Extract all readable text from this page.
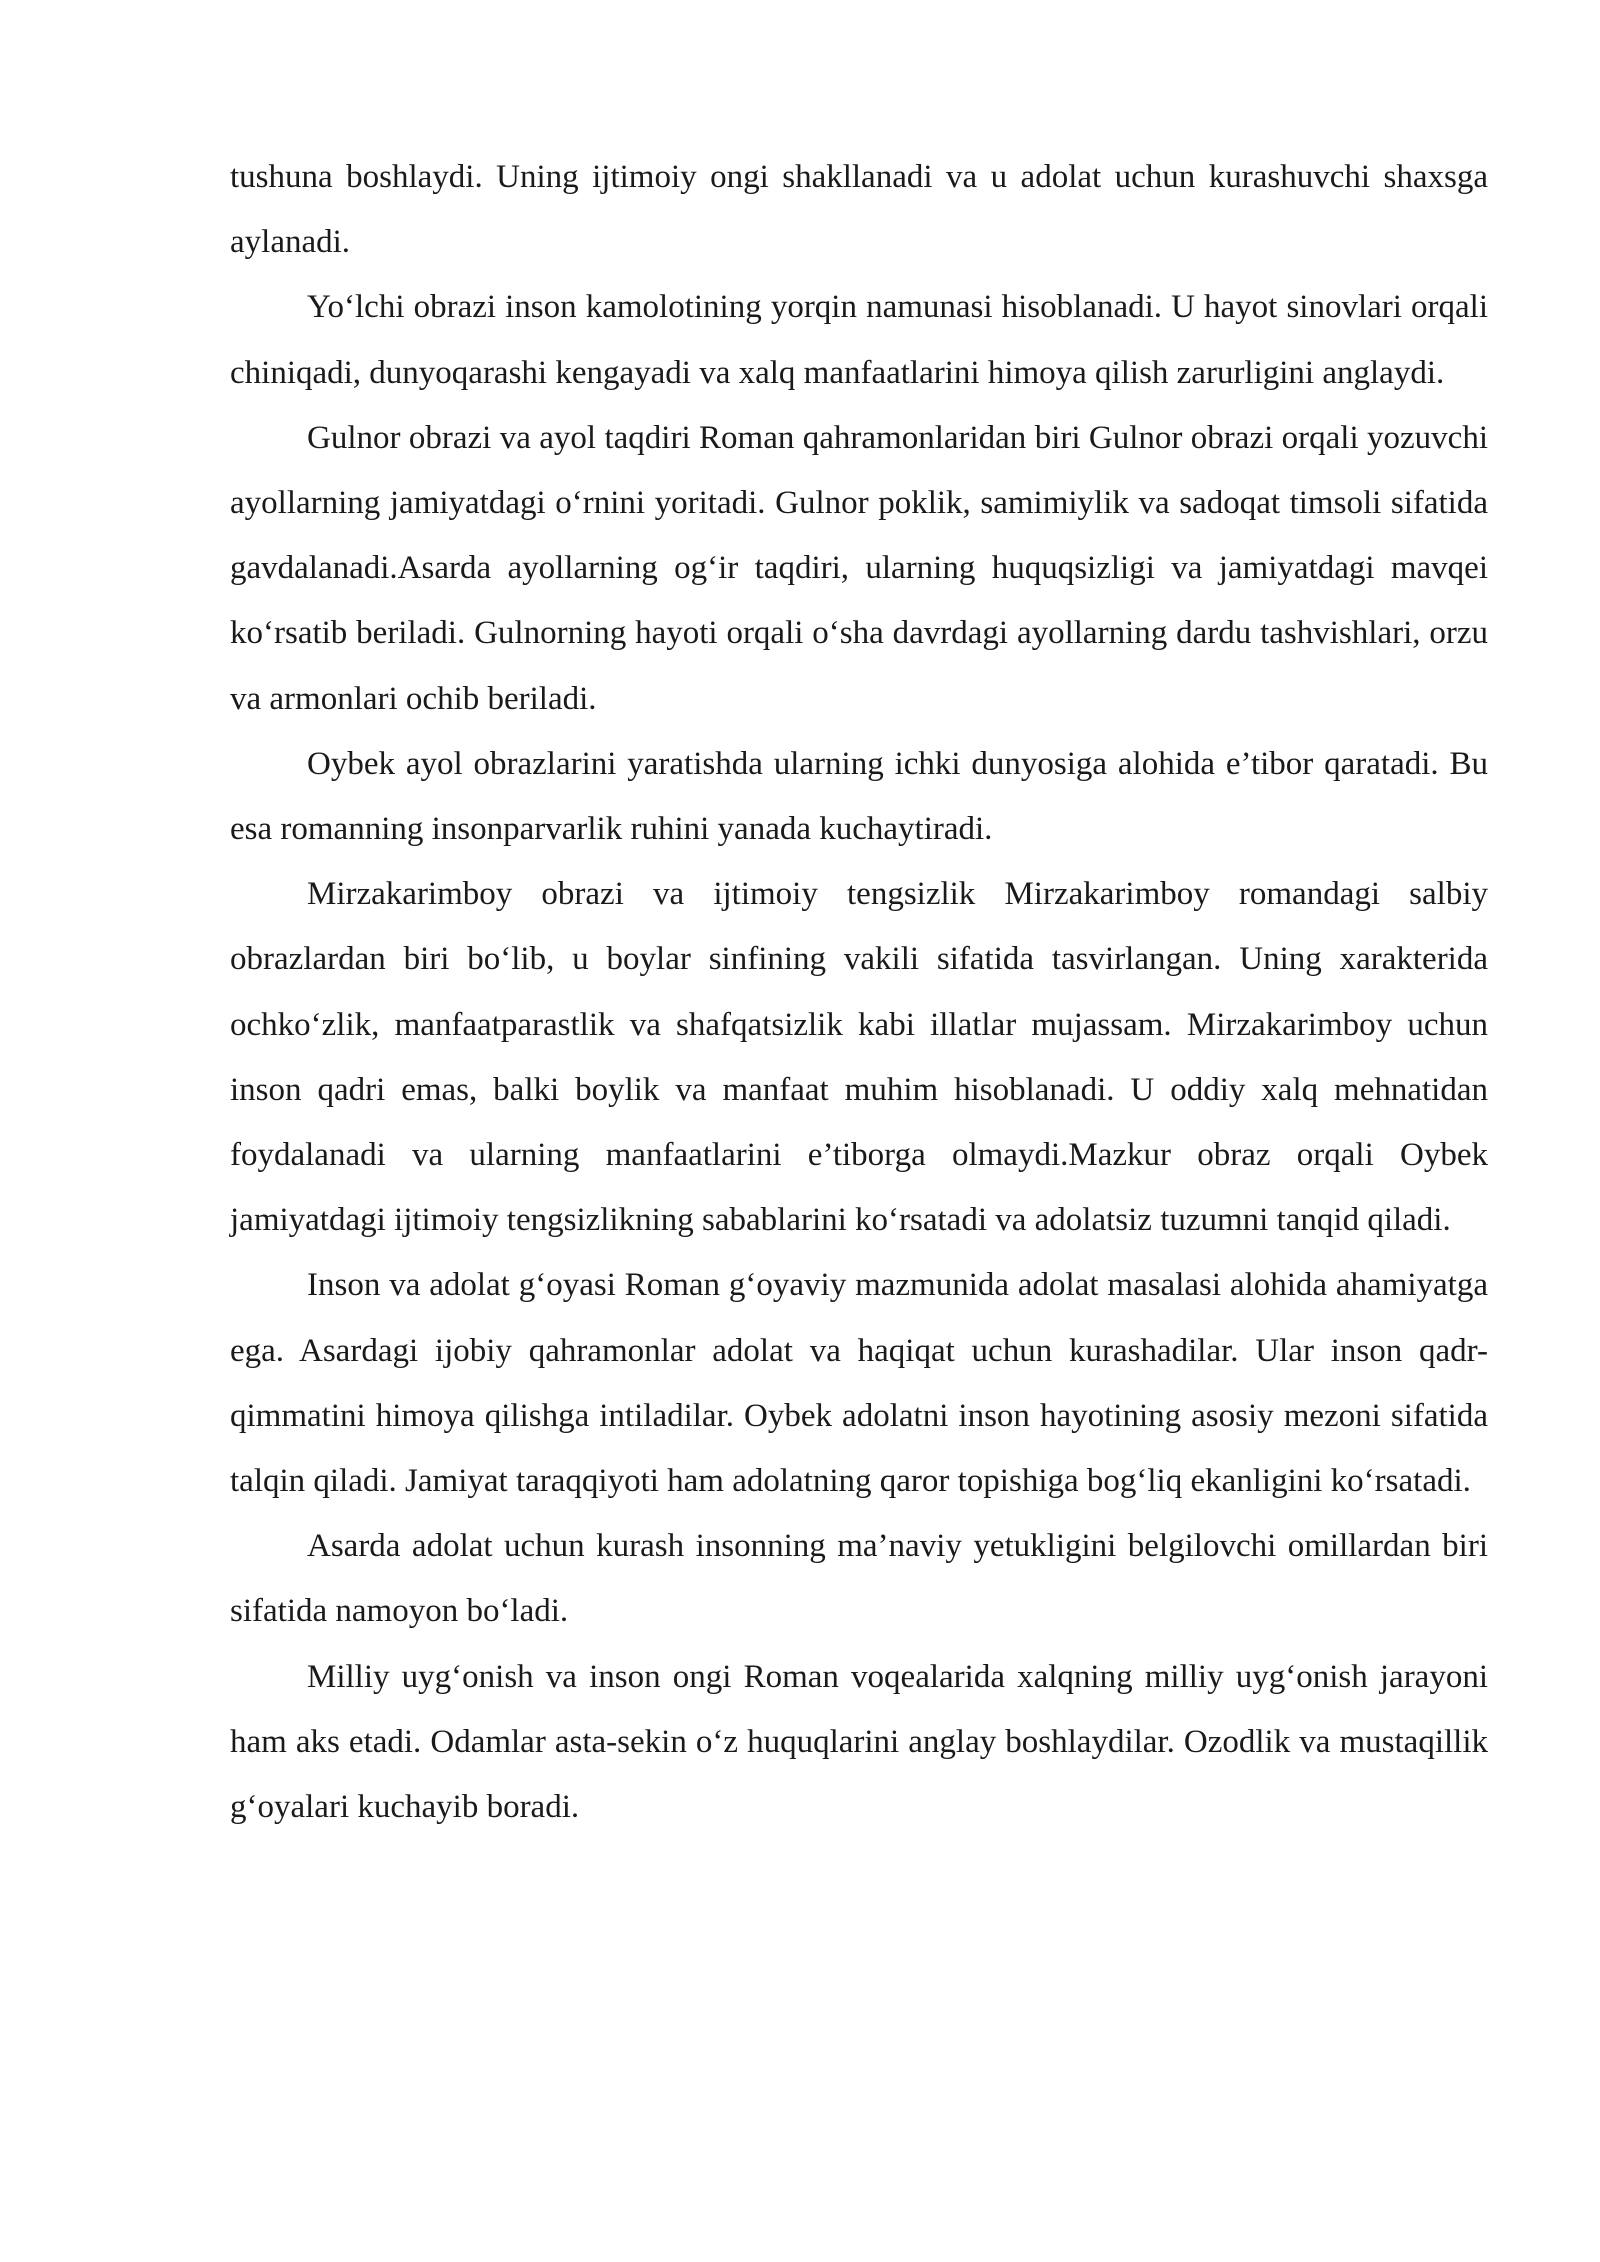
tushuna boshlaydi. Uning ijtimoiy ongi shakllanadi va u adolat uchun kurashuvchi shaxsga aylanadi.

Yoʻlchi obrazi inson kamolotining yorqin namunasi hisoblanadi. U hayot sinovlari orqali chiniqadi, dunyoqarashi kengayadi va xalq manfaatlarini himoya qilish zarurligini anglaydi.

Gulnor obrazi va ayol taqdiri Roman qahramonlaridan biri Gulnor obrazi orqali yozuvchi ayollarning jamiyatdagi oʻrnini yoritadi. Gulnor poklik, samimiylik va sadoqat timsoli sifatida gavdalanadi.Asarda ayollarning ogʻir taqdiri, ularning huquqsizligi va jamiyatdagi mavqei koʻrsatib beriladi. Gulnorning hayoti orqali oʻsha davrdagi ayollarning dardu tashvishlari, orzu va armonlari ochib beriladi.

Oybek ayol obrazlarini yaratishda ularning ichki dunyosiga alohida e’tibor qaratadi. Bu esa romanning insonparvarlik ruhini yanada kuchaytiradi.

Mirzakarimboy obrazi va ijtimoiy tengsizlik Mirzakarimboy romandagi salbiy obrazlardan biri boʻlib, u boylar sinfining vakili sifatida tasvirlangan. Uning xarakterida ochkoʻzlik, manfaatparastlik va shafqatsizlik kabi illatlar mujassam. Mirzakarimboy uchun inson qadri emas, balki boylik va manfaat muhim hisoblanadi. U oddiy xalq mehnatidan foydalanadi va ularning manfaatlarini e’tiborga olmaydi.Mazkur obraz orqali Oybek jamiyatdagi ijtimoiy tengsizlikning sabablarini koʻrsatadi va adolatsiz tuzumni tanqid qiladi.

Inson va adolat gʻoyasi Roman gʻoyaviy mazmunida adolat masalasi alohida ahamiyatga ega. Asardagi ijobiy qahramonlar adolat va haqiqat uchun kurashadilar. Ular inson qadr-qimmatini himoya qilishga intiladilar. Oybek adolatni inson hayotining asosiy mezoni sifatida talqin qiladi. Jamiyat taraqqiyoti ham adolatning qaror topishiga bogʻliq ekanligini koʻrsatadi.

Asarda adolat uchun kurash insonning ma’naviy yetukligini belgilovchi omillardan biri sifatida namoyon boʻladi.

Milliy uygʻonish va inson ongi Roman voqealarida xalqning milliy uygʻonish jarayoni ham aks etadi. Odamlar asta-sekin oʻz huquqlarini anglay boshlaydilar. Ozodlik va mustaqillik gʻoyalari kuchayib boradi.
